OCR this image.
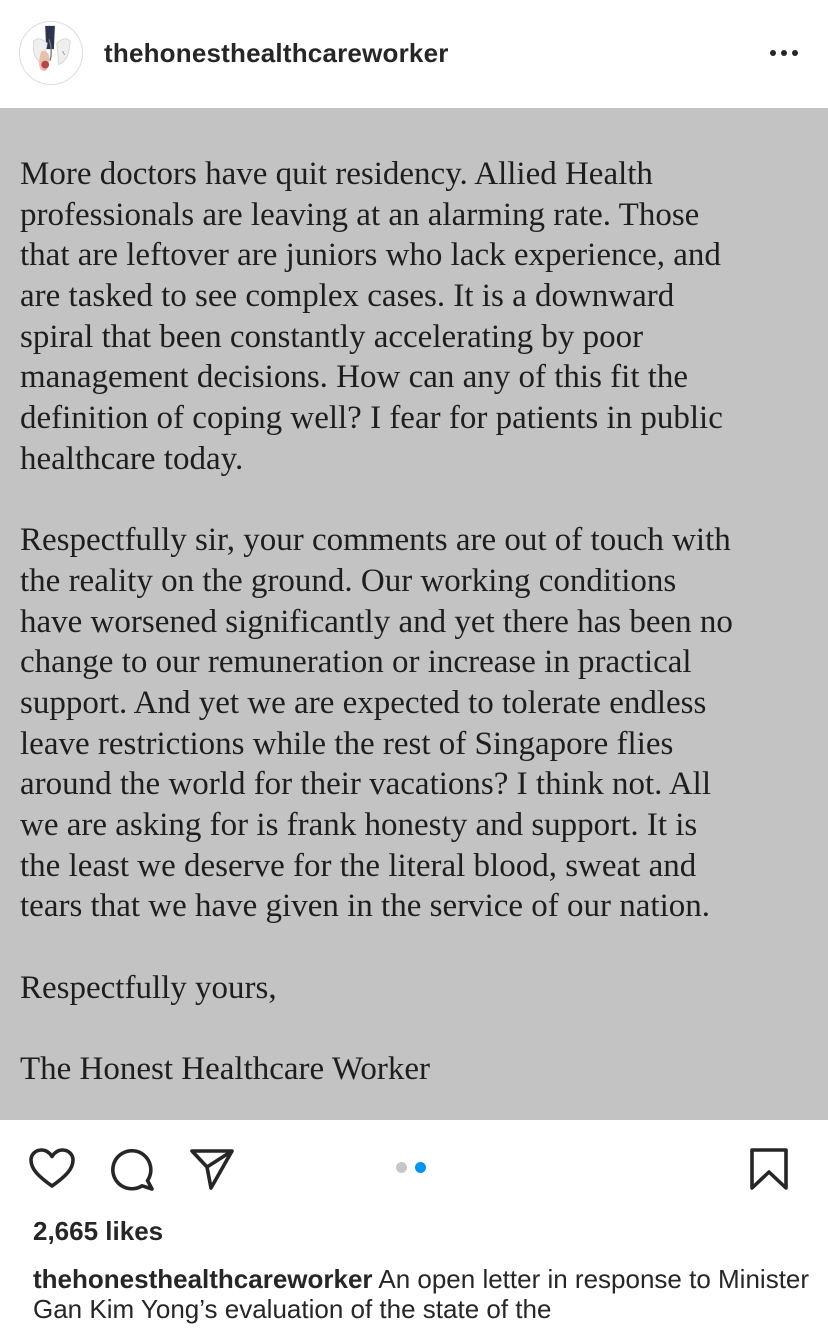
thehonesthealthcareworker
More doctors have quit residency. Allied Health
professionals are leaving at an alarming rate. Those
that are leftover are juniors who lack experience, and
are tasked to see complex cases. It is a downward
spiral that been constantly accelerating by poor
management decisions. How can any of this fit the
definition of coping well? I fear for patients in public
healthcare today.
Respectfully sir, your comments are out of touch with
the reality on the ground. Our working conditions
have worsened significantly and yet there has been no
change to our remuneration or increase in practical
support. And yet we are expected to tolerate endless
leave restrictions while the rest of Singapore flies
around the world for their vacations? I think not. All
we are asking for is frank honesty and support. It is
the least we deserve for the literal blood, sweat and
tears that we have given in the service of our nation.
Respectfully yours,
The Honest Healthcare Worker
2,665 likes
thehonesthealthcareworker An open letter in response to Minister Gan Kim Yong’s evaluation of the state of the
